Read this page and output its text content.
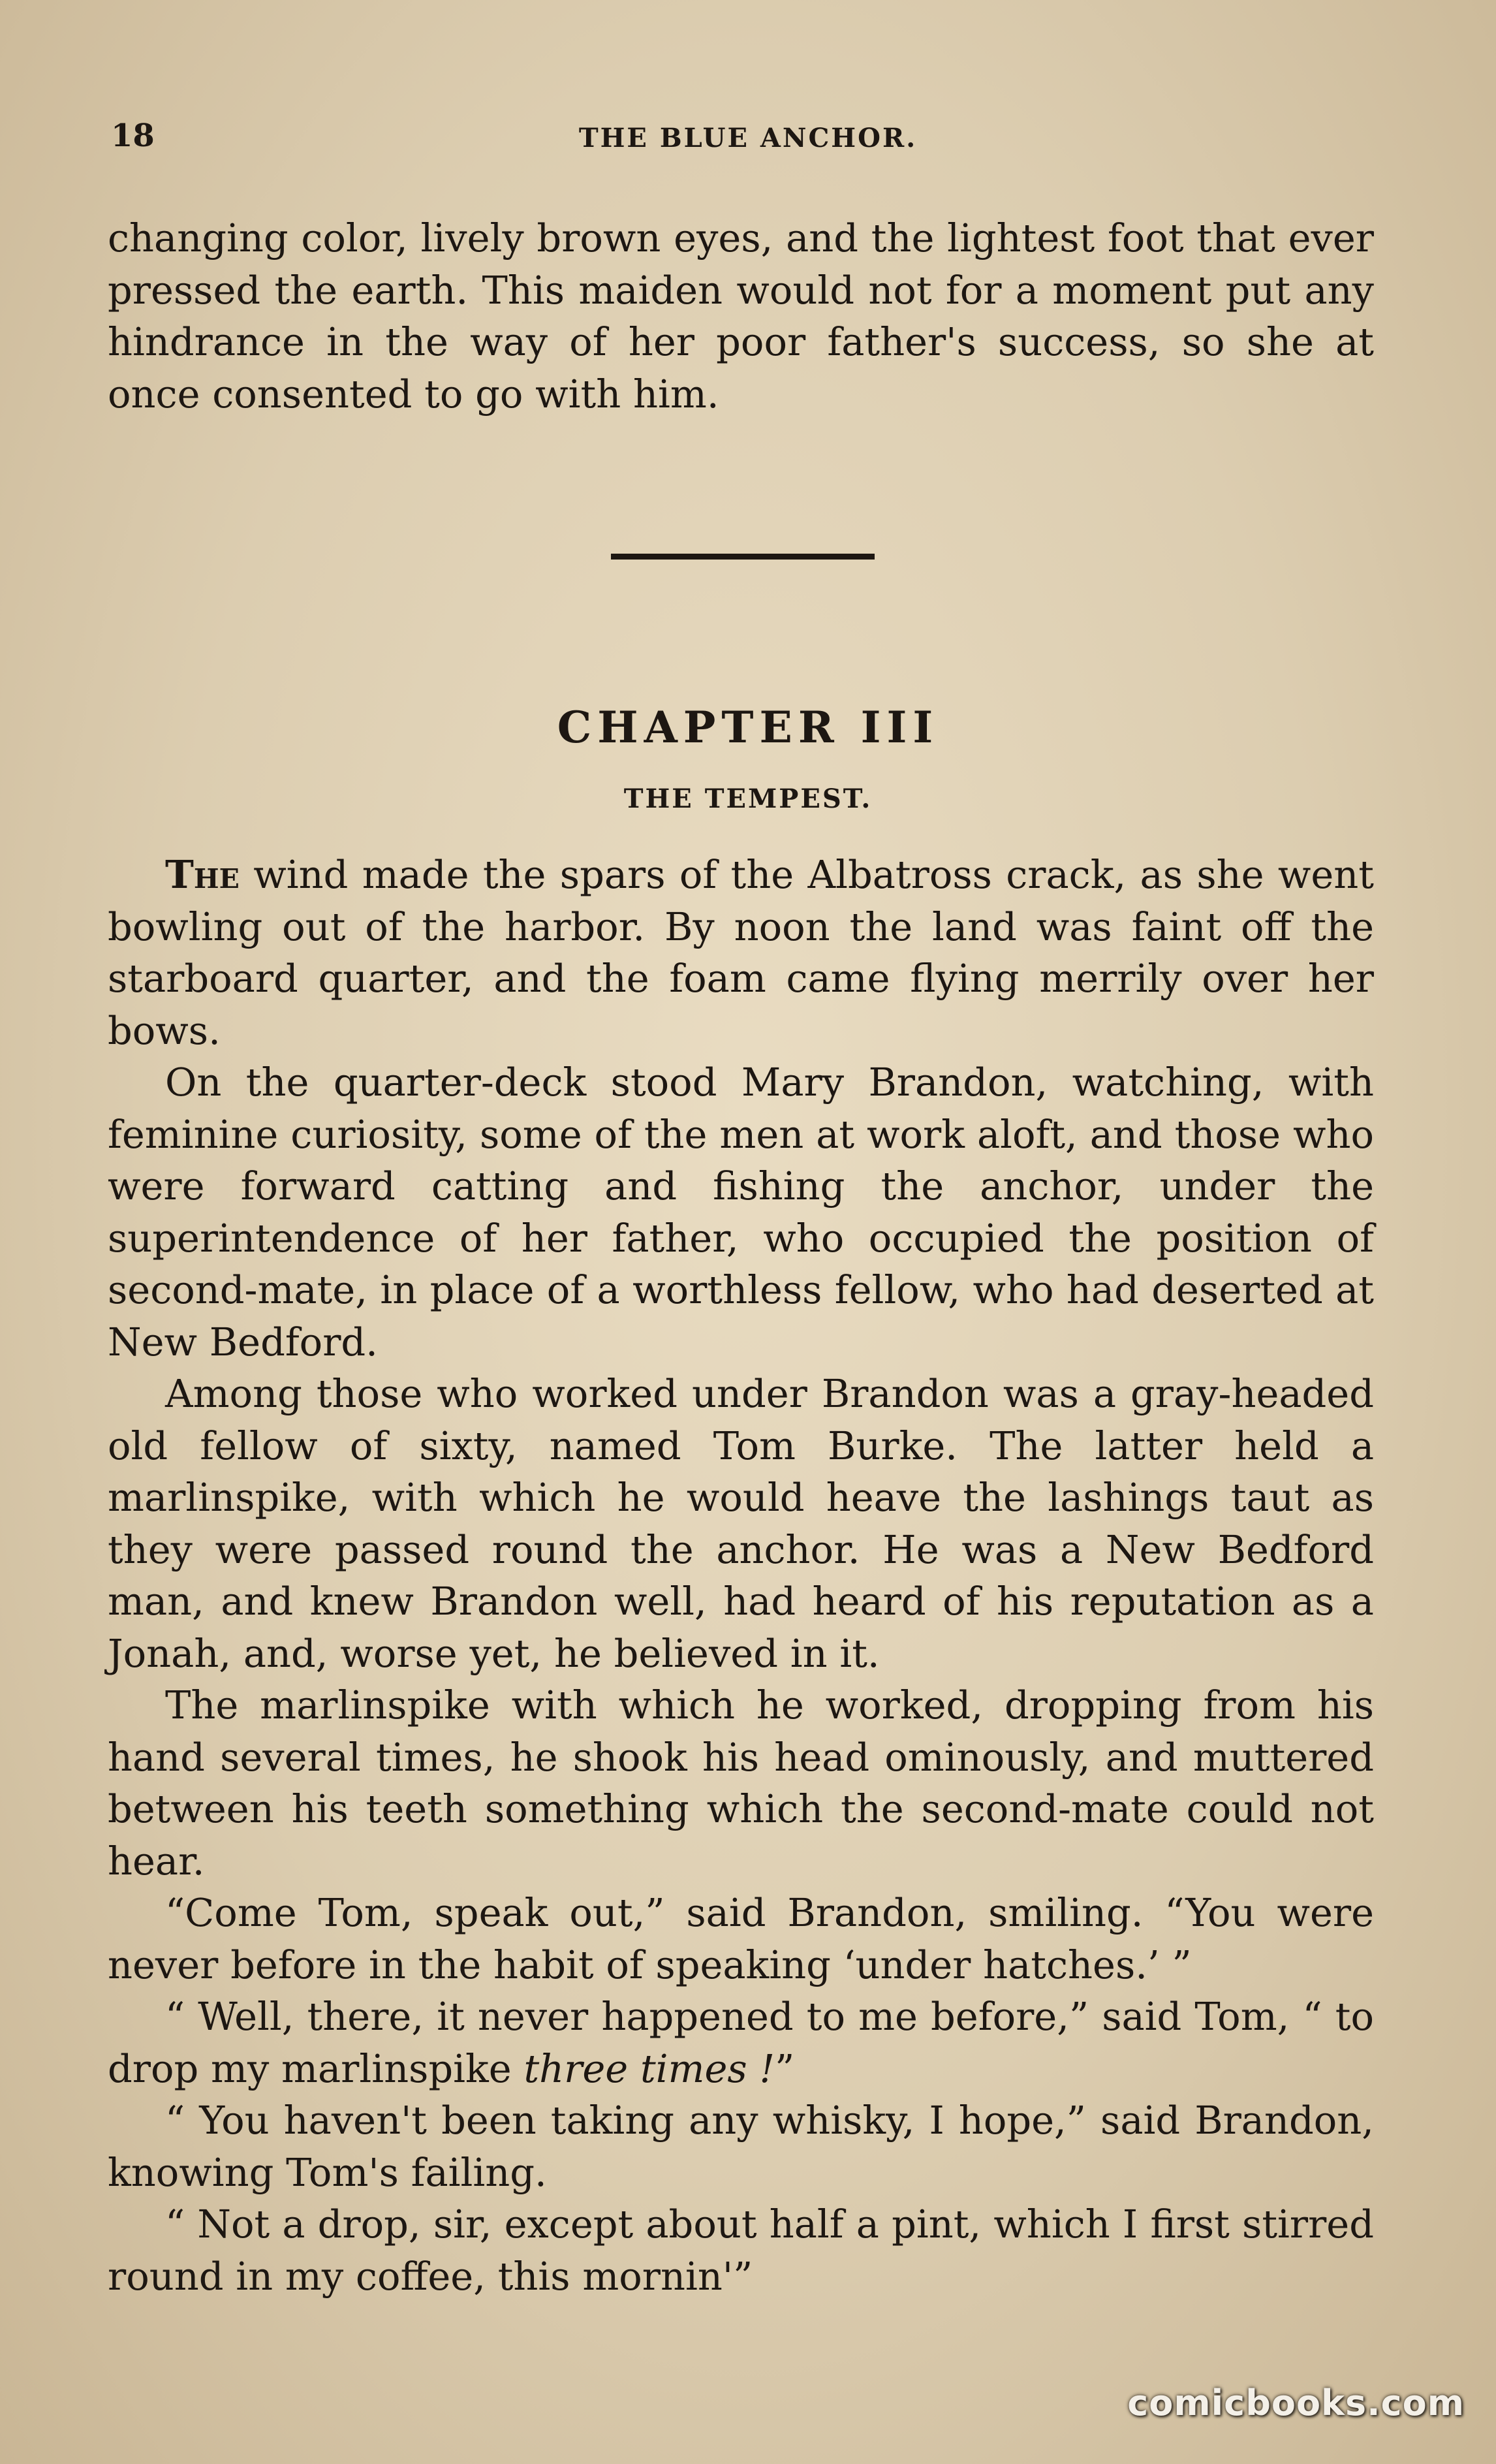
18	THE BLUE ANCHOR.

changing color, lively brown eyes, and the lightest foot that ever pressed the earth. This maiden would not for a moment put any hindrance in the way of her poor father's success, so she at once consented to go with him.

CHAPTER III
THE TEMPEST.

The wind made the spars of the Albatross crack, as she went bowling out of the harbor. By noon the land was faint off the starboard quarter, and the foam came flying merrily over her bows.

On the quarter-deck stood Mary Brandon, watching, with feminine curiosity, some of the men at work aloft, and those who were forward catting and fishing the anchor, under the superintendence of her father, who occupied the position of second-mate, in place of a worthless fellow, who had deserted at New Bedford.

Among those who worked under Brandon was a gray-headed old fellow of sixty, named Tom Burke. The latter held a marlinspike, with which he would heave the lashings taut as they were passed round the anchor. He was a New Bedford man, and knew Brandon well, had heard of his reputation as a Jonah, and, worse yet, he believed in it.

The marlinspike with which he worked, dropping from his hand several times, he shook his head ominously, and muttered between his teeth something which the second-mate could not hear.

“Come Tom, speak out,” said Brandon, smiling. “You were never before in the habit of speaking ‘under hatches.’ ”

“ Well, there, it never happened to me before,” said Tom, “ to drop my marlinspike three times !”

“ You haven't been taking any whisky, I hope,” said Brandon, knowing Tom's failing.

“ Not a drop, sir, except about half a pint, which I first stirred round in my coffee, this mornin'”

comicbooks.com
